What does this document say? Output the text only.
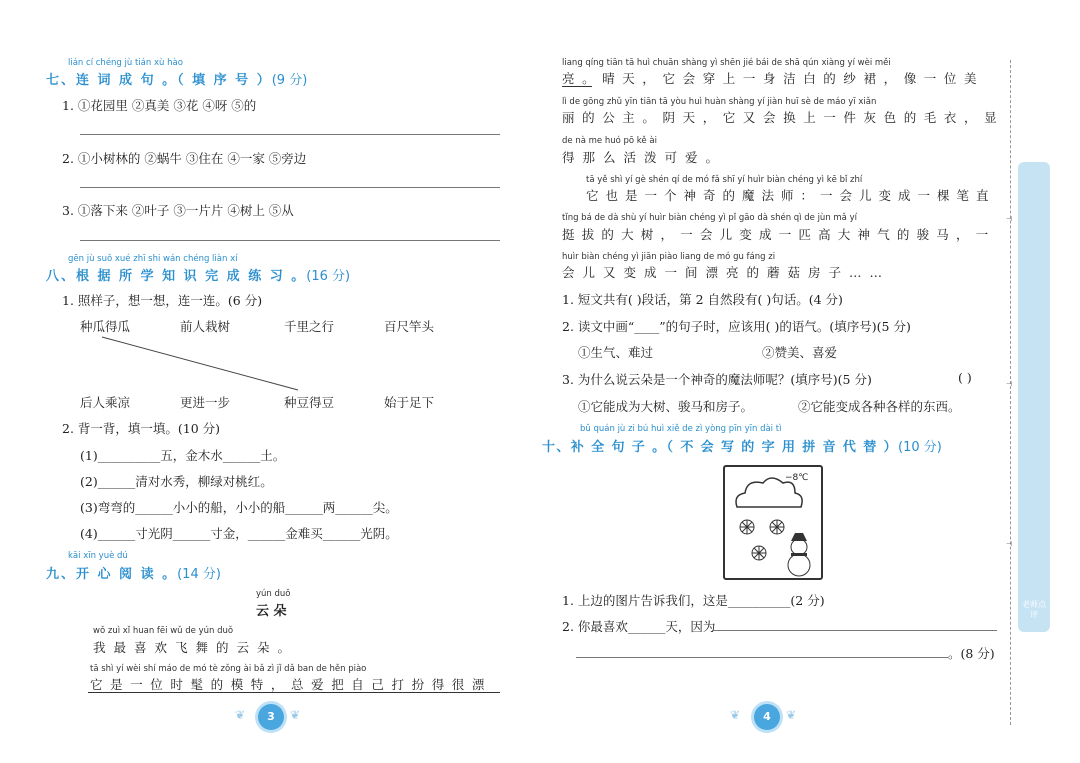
lián cí chéng jù tián xù hào
七、连 词 成 句 。（ 填 序 号 ）(9 分)
1. ①花园里 ②真美 ③花 ④呀 ⑤的
2. ①小树林的 ②蜗牛 ③住在 ④一家 ⑤旁边
3. ①落下来 ②叶子 ③一片片 ④树上 ⑤从
gēn jù suǒ xué zhī shi wán chéng liàn xí
八、根 据 所 学 知 识 完 成 练 习 。(16 分)
1. 照样子，想一想，连一连。(6 分)
种瓜得瓜	前人栽树	千里之行	百尺竿头
后人乘凉	更进一步	种豆得豆	始于足下
2. 背一背，填一填。(10 分)
(1)__________五，金木水______土。
(2)______清对水秀，柳绿对桃红。
(3)弯弯的______小小的船，小小的船______两______尖。
(4)______寸光阴______寸金，______金难买______光阴。
kāi xīn yuè dú
九、开 心 阅 读 。(14 分)
yún duǒ
云 朵
wǒ zuì xǐ huan fēi wǔ de yún duǒ
我最喜欢飞舞的云朵。
tā shì yí wèi shí máo de mó tè zǒng ài bǎ zì jǐ dǎ ban de hěn piào
它是一位时髦的模特，总爱把自己打扮得很漂
❦	3	❦
liang qíng tiān tā huì chuān shàng yì shēn jié bái de shā qún xiàng yí wèi měi
亮。晴天，它会穿上一身洁白的纱裙，像一位美
lì de gōng zhǔ yīn tiān tā yòu huì huàn shàng yí jiàn huī sè de máo yī xiǎn
丽的公主。阴天，它又会换上一件灰色的毛衣，显
de nà me huó pō kě ài
得那么活泼可爱。
tā yě shì yí gè shén qí de mó fǎ shī yí huìr biàn chéng yì kē bǐ zhí
它也是一个神奇的魔法师：一会儿变成一棵笔直
tǐng bá de dà shù yí huìr biàn chéng yì pǐ gāo dà shén qì de jùn mǎ yí
挺拔的大树，一会儿变成一匹高大神气的骏马，一
huìr biàn chéng yì jiān piào liang de mó gu fáng zi
会儿又变成一间漂亮的蘑菇房子……
1. 短文共有( )段话，第 2 自然段有( )句话。(4 分)
2. 读文中画“____”的句子时，应该用( )的语气。(填序号)(5 分)
①生气、难过	②赞美、喜爱
3. 为什么说云朵是一个神奇的魔法师呢？(填序号)(5 分)	( )
①它能成为大树、骏马和房子。	②它能变成各种各样的东西。
bǔ quán jù zi bú huì xiě de zì yòng pīn yīn dài tì
十、补 全 句 子 。（ 不 会 写 的 字 用 拼 音 代 替 ）(10 分)
1. 上边的图片告诉我们，这是__________(2 分)
2. 你最喜欢______天，因为
。(8 分)
❦	4	❦
−8℃
⊣
⊣
⊣
老师点评
